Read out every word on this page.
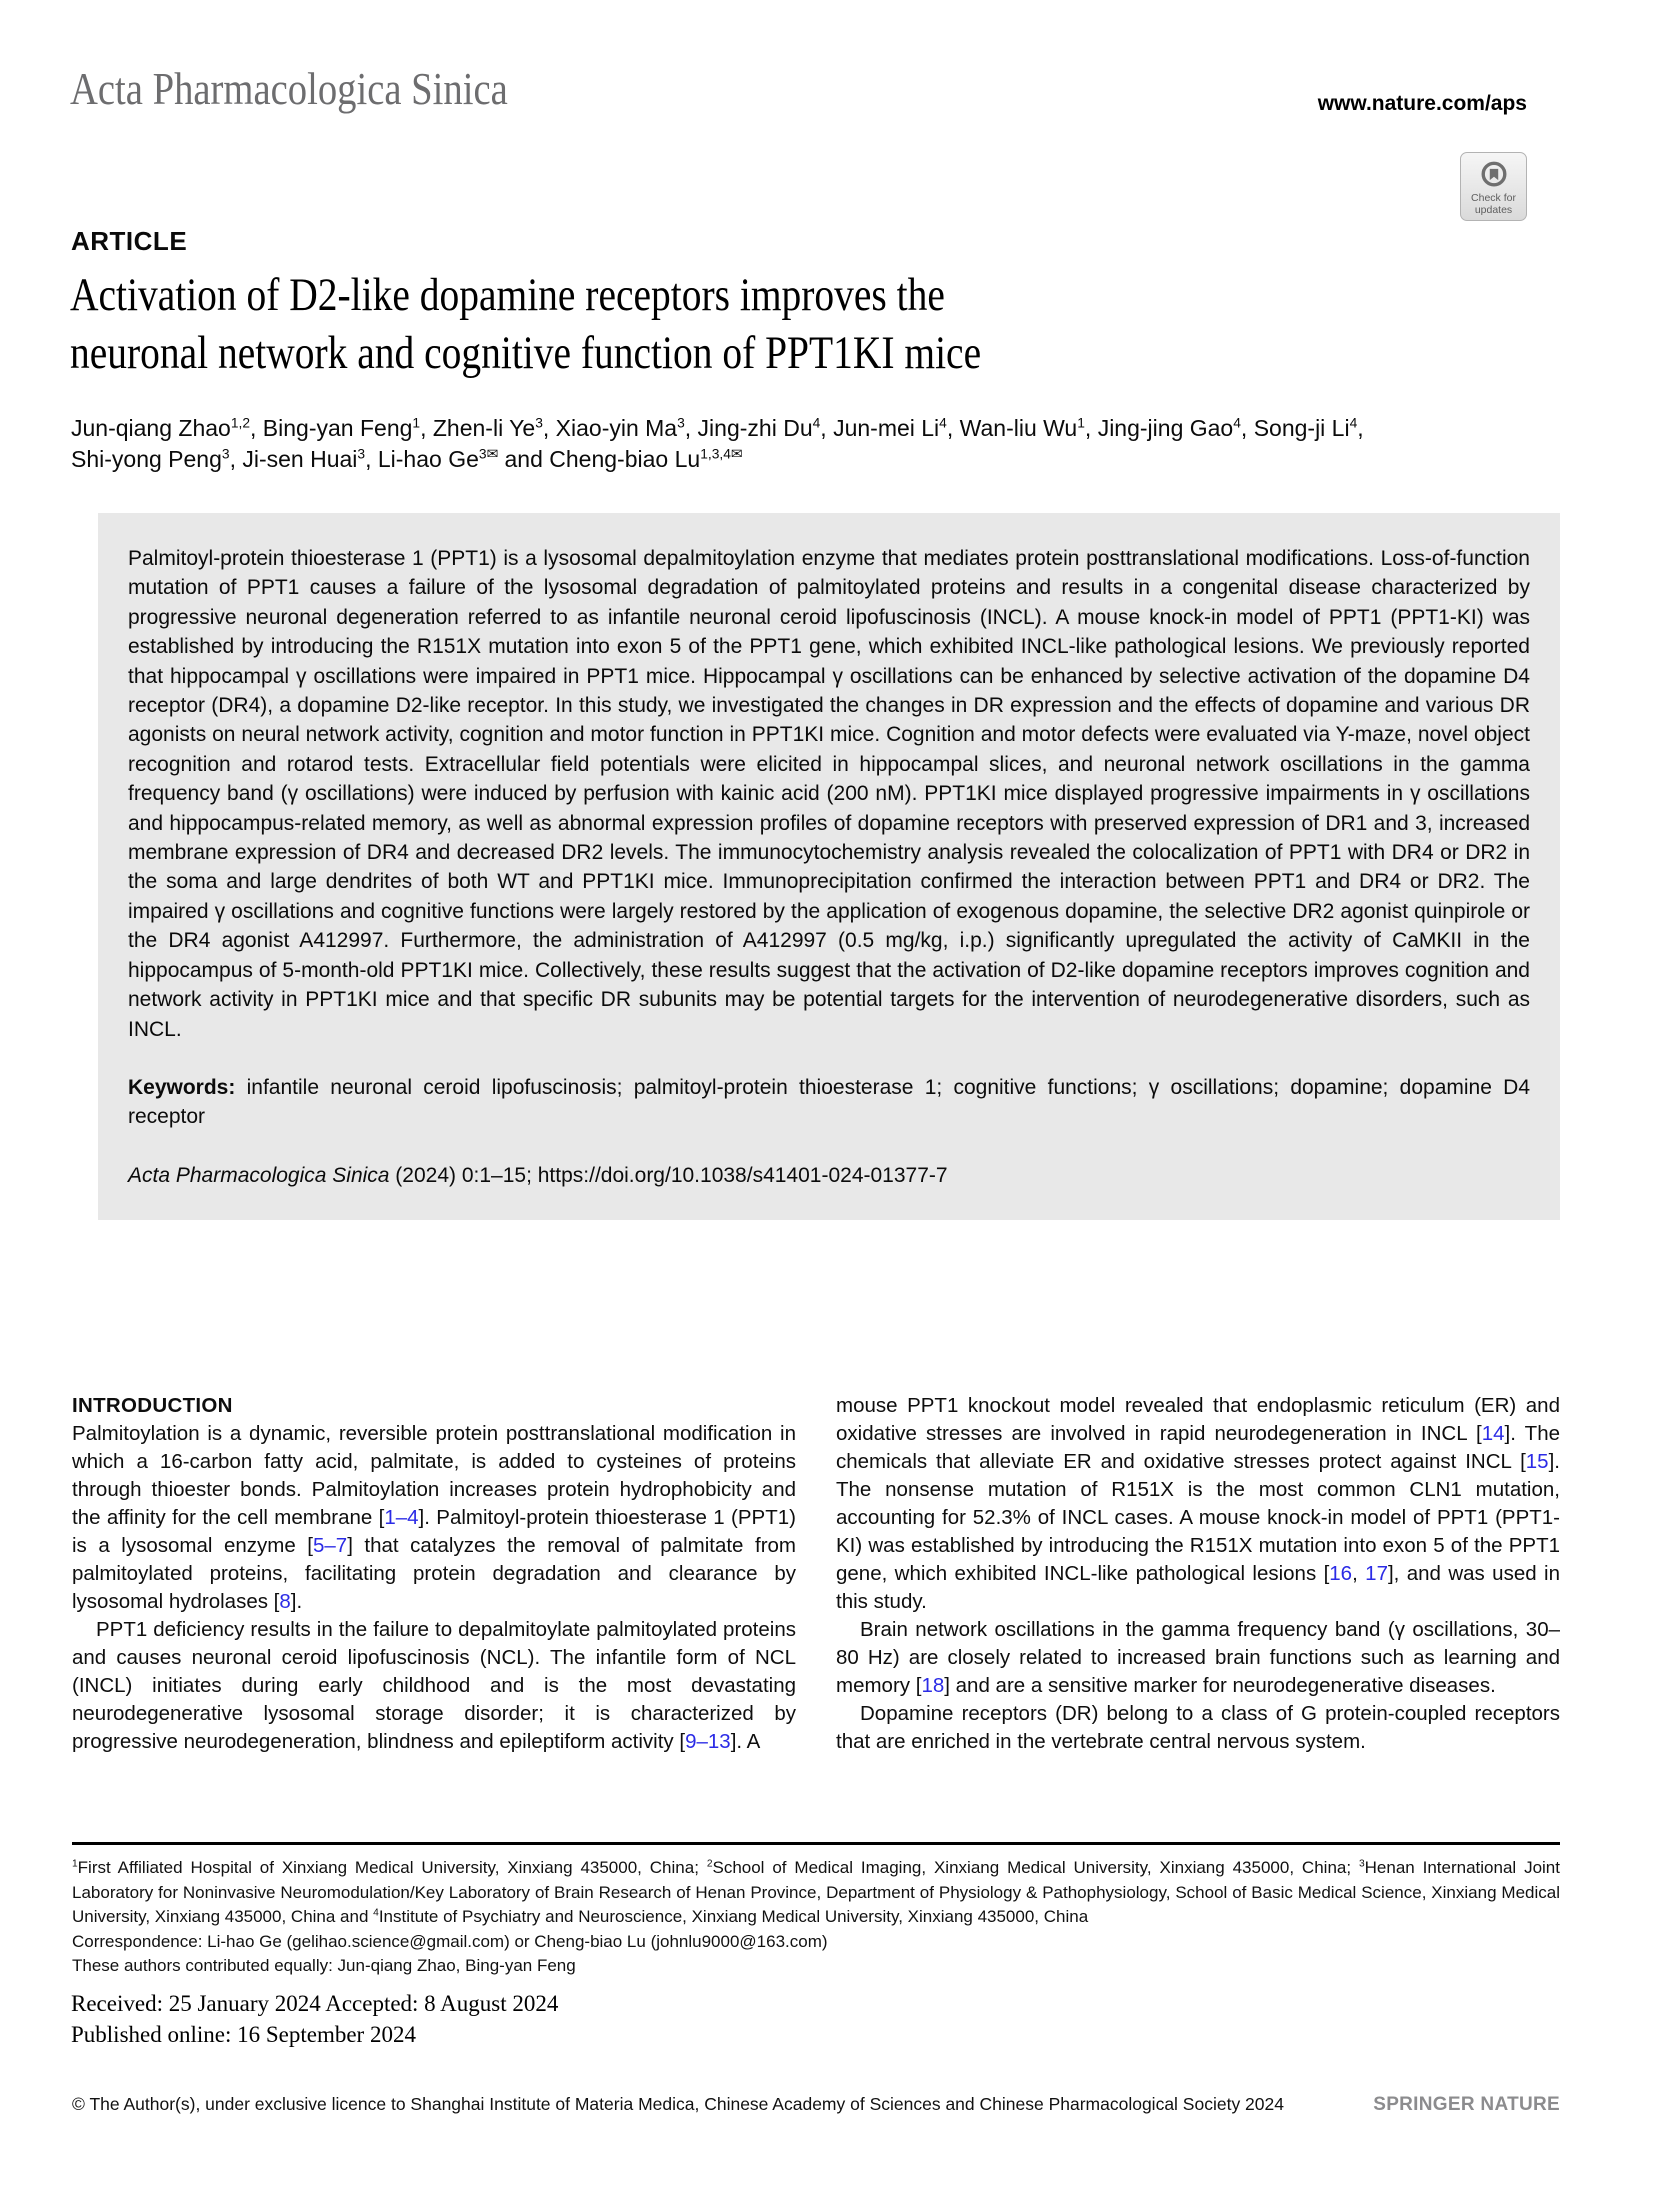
Acta Pharmacologica Sinica	www.nature.com/aps
Check for
updates
ARTICLE
Activation of D2-like dopamine receptors improves the
neuronal network and cognitive function of PPT1KI mice
Jun-qiang Zhao$^{1,2}$, Bing-yan Feng$^1$, Zhen-li Ye$^3$, Xiao-yin Ma$^3$, Jing-zhi Du$^4$, Jun-mei Li$^4$, Wan-liu Wu$^1$, Jing-jing Gao$^4$, Song-ji Li$^4$,
Shi-yong Peng$^3$, Ji-sen Huai$^3$, Li-hao $Ge^{3✉}$ and Cheng-biao $Lu^{1,3,4✉}$

Palmitoyl-protein thioesterase 1 (PPT1) is a lysosomal depalmitoylation enzyme that mediates protein posttranslational modifications. Loss-of-function mutation of PPT1 causes a failure of the lysosomal degradation of palmitoylated proteins and results in a congenital disease characterized by progressive neuronal degeneration referred to as infantile neuronal ceroid lipofuscinosis (INCL). A mouse knock-in model of PPT1 (PPT1-KI) was established by introducing the R151X mutation into exon 5 of the PPT1 gene, which exhibited INCL-like pathological lesions. We previously reported that hippocampal γ oscillations were impaired in PPT1 mice. Hippocampal γ oscillations can be enhanced by selective activation of the dopamine D4 receptor (DR4), a dopamine D2-like receptor. In this study, we investigated the changes in DR expression and the effects of dopamine and various DR agonists on neural network activity, cognition and motor function in PPT1KI mice. Cognition and motor defects were evaluated via Y-maze, novel object recognition and rotarod tests. Extracellular field potentials were elicited in hippocampal slices, and neuronal network oscillations in the gamma frequency band (γ oscillations) were induced by perfusion with kainic acid (200 nM). PPT1KI mice displayed progressive impairments in γ oscillations and hippocampus-related memory, as well as abnormal expression profiles of dopamine receptors with preserved expression of DR1 and 3, increased membrane expression of DR4 and decreased DR2 levels. The immunocytochemistry analysis revealed the colocalization of PPT1 with DR4 or DR2 in the soma and large dendrites of both WT and PPT1KI mice. Immunoprecipitation confirmed the interaction between PPT1 and DR4 or DR2. The impaired γ oscillations and cognitive functions were largely restored by the application of exogenous dopamine, the selective DR2 agonist quinpirole or the DR4 agonist A412997. Furthermore, the administration of A412997 (0.5 mg/kg, i.p.) significantly upregulated the activity of CaMKII in the hippocampus of 5-month-old PPT1KI mice. Collectively, these results suggest that the activation of D2-like dopamine receptors improves cognition and network activity in PPT1KI mice and that specific DR subunits may be potential targets for the intervention of neurodegenerative disorders, such as INCL.

Keywords: infantile neuronal ceroid lipofuscinosis; palmitoyl-protein thioesterase 1; cognitive functions; γ oscillations; dopamine; dopamine D4 receptor

Acta Pharmacologica Sinica (2024) 0:1–15; https://doi.org/10.1038/s41401-024-01377-7

INTRODUCTION

Palmitoylation is a dynamic, reversible protein posttranslational modification in which a 16-carbon fatty acid, palmitate, is added to cysteines of proteins through thioester bonds. Palmitoylation increases protein hydrophobicity and the affinity for the cell membrane [1–4]. Palmitoyl-protein thioesterase 1 (PPT1) is a lysosomal enzyme [5–7] that catalyzes the removal of palmitate from palmitoylated proteins, facilitating protein degradation and clearance by lysosomal hydrolases [8].

PPT1 deficiency results in the failure to depalmitoylate palmitoylated proteins and causes neuronal ceroid lipofuscinosis (NCL). The infantile form of NCL (INCL) initiates during early childhood and is the most devastating neurodegenerative lysosomal storage disorder; it is characterized by progressive neurodegeneration, blindness and epileptiform activity [9–13]. A

mouse PPT1 knockout model revealed that endoplasmic reticulum (ER) and oxidative stresses are involved in rapid neurodegeneration in INCL [14]. The chemicals that alleviate ER and oxidative stresses protect against INCL [15]. The nonsense mutation of R151X is the most common CLN1 mutation, accounting for 52.3% of INCL cases. A mouse knock-in model of PPT1 (PPT1-KI) was established by introducing the R151X mutation into exon 5 of the PPT1 gene, which exhibited INCL-like pathological lesions [16, 17], and was used in this study.

Brain network oscillations in the gamma frequency band (γ oscillations, 30–80 Hz) are closely related to increased brain functions such as learning and memory [18] and are a sensitive marker for neurodegenerative diseases.

Dopamine receptors (DR) belong to a class of G protein-coupled receptors that are enriched in the vertebrate central nervous system.

$^1$First Affiliated Hospital of Xinxiang Medical University, Xinxiang 435000, China; $^2$School of Medical Imaging, Xinxiang Medical University, Xinxiang 435000, China; $^3$Henan International Joint Laboratory for Noninvasive Neuromodulation/Key Laboratory of Brain Research of Henan Province, Department of Physiology & Pathophysiology, School of Basic Medical Science, Xinxiang Medical University, Xinxiang 435000, China and $^4$Institute of Psychiatry and Neuroscience, Xinxiang Medical University, Xinxiang 435000, China

Correspondence: Li-hao Ge (gelihao.science@gmail.com) or Cheng-biao Lu (johnlu9000@163.com)

These authors contributed equally: Jun-qiang Zhao, Bing-yan Feng

Received: 25 January 2024 Accepted: 8 August 2024
Published online: 16 September 2024
© The Author(s), under exclusive licence to Shanghai Institute of Materia Medica, Chinese Academy of Sciences and Chinese Pharmacological Society 2024	SPRINGER NATURE
